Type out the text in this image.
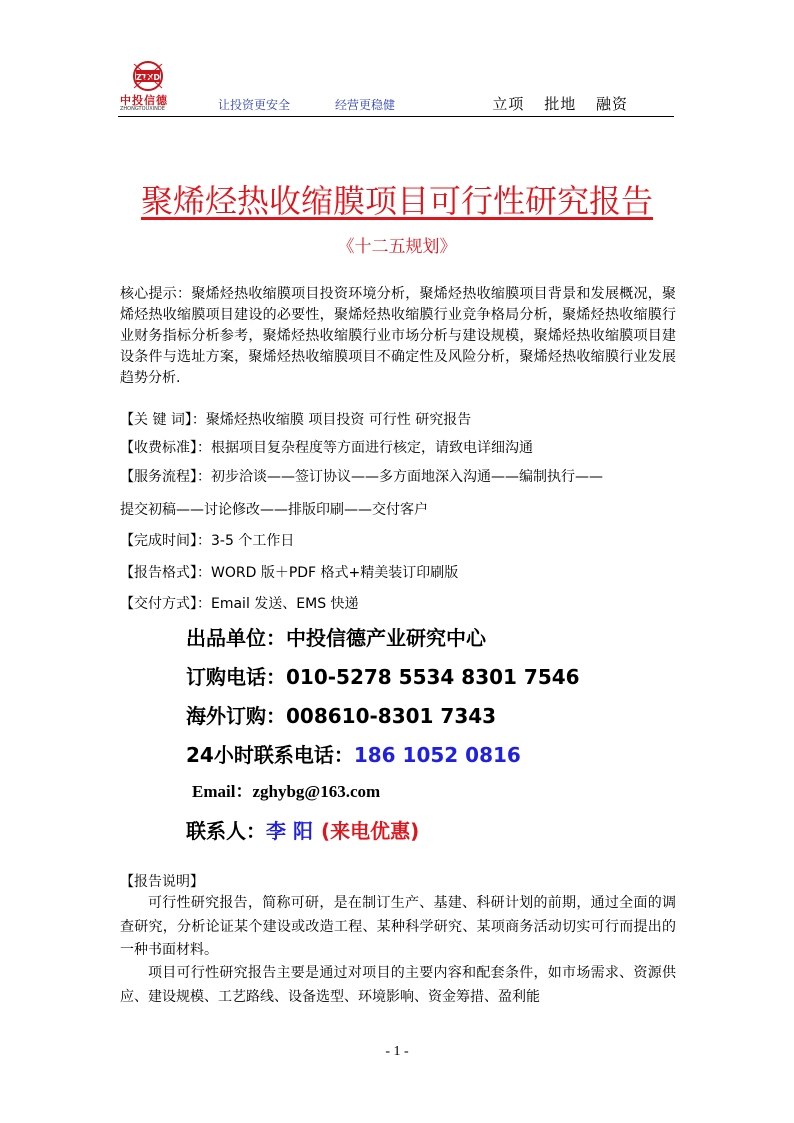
ZTXD
中投信德
ZHONGTOUXINDE	让投资更安全	经营更稳健	立项 批地 融资
聚烯烃热收缩膜项目可行性研究报告
《十二五规划》
核心提示：聚烯烃热收缩膜项目投资环境分析，聚烯烃热收缩膜项目背景和发展概况，聚烯烃热收缩膜项目建设的必要性，聚烯烃热收缩膜行业竞争格局分析，聚烯烃热收缩膜行业财务指标分析参考，聚烯烃热收缩膜行业市场分析与建设规模，聚烯烃热收缩膜项目建设条件与选址方案，聚烯烃热收缩膜项目不确定性及风险分析，聚烯烃热收缩膜行业发展趋势分析.
【关 键 词】：聚烯烃热收缩膜 项目投资 可行性 研究报告
【收费标准】：根据项目复杂程度等方面进行核定，请致电详细沟通
【服务流程】：初步洽谈——签订协议——多方面地深入沟通——编制执行——
提交初稿——讨论修改——排版印刷——交付客户
【完成时间】：3-5 个工作日
【报告格式】：WORD 版＋PDF 格式+精美装订印刷版
【交付方式】：Email 发送、EMS 快递
出品单位：中投信德产业研究中心
订购电话：010-5278 5534 8301 7546
海外订购：008610-8301 7343
24小时联系电话：186 1052 0816
Email：zghybg@163.com
联系人：李 阳 (来电优惠)
【报告说明】
可行性研究报告，简称可研，是在制订生产、基建、科研计划的前期，通过全面的调查研究，分析论证某个建设或改造工程、某种科学研究、某项商务活动切实可行而提出的一种书面材料。
项目可行性研究报告主要是通过对项目的主要内容和配套条件，如市场需求、资源供应、建设规模、工艺路线、设备选型、环境影响、资金筹措、盈利能
- 1 -
